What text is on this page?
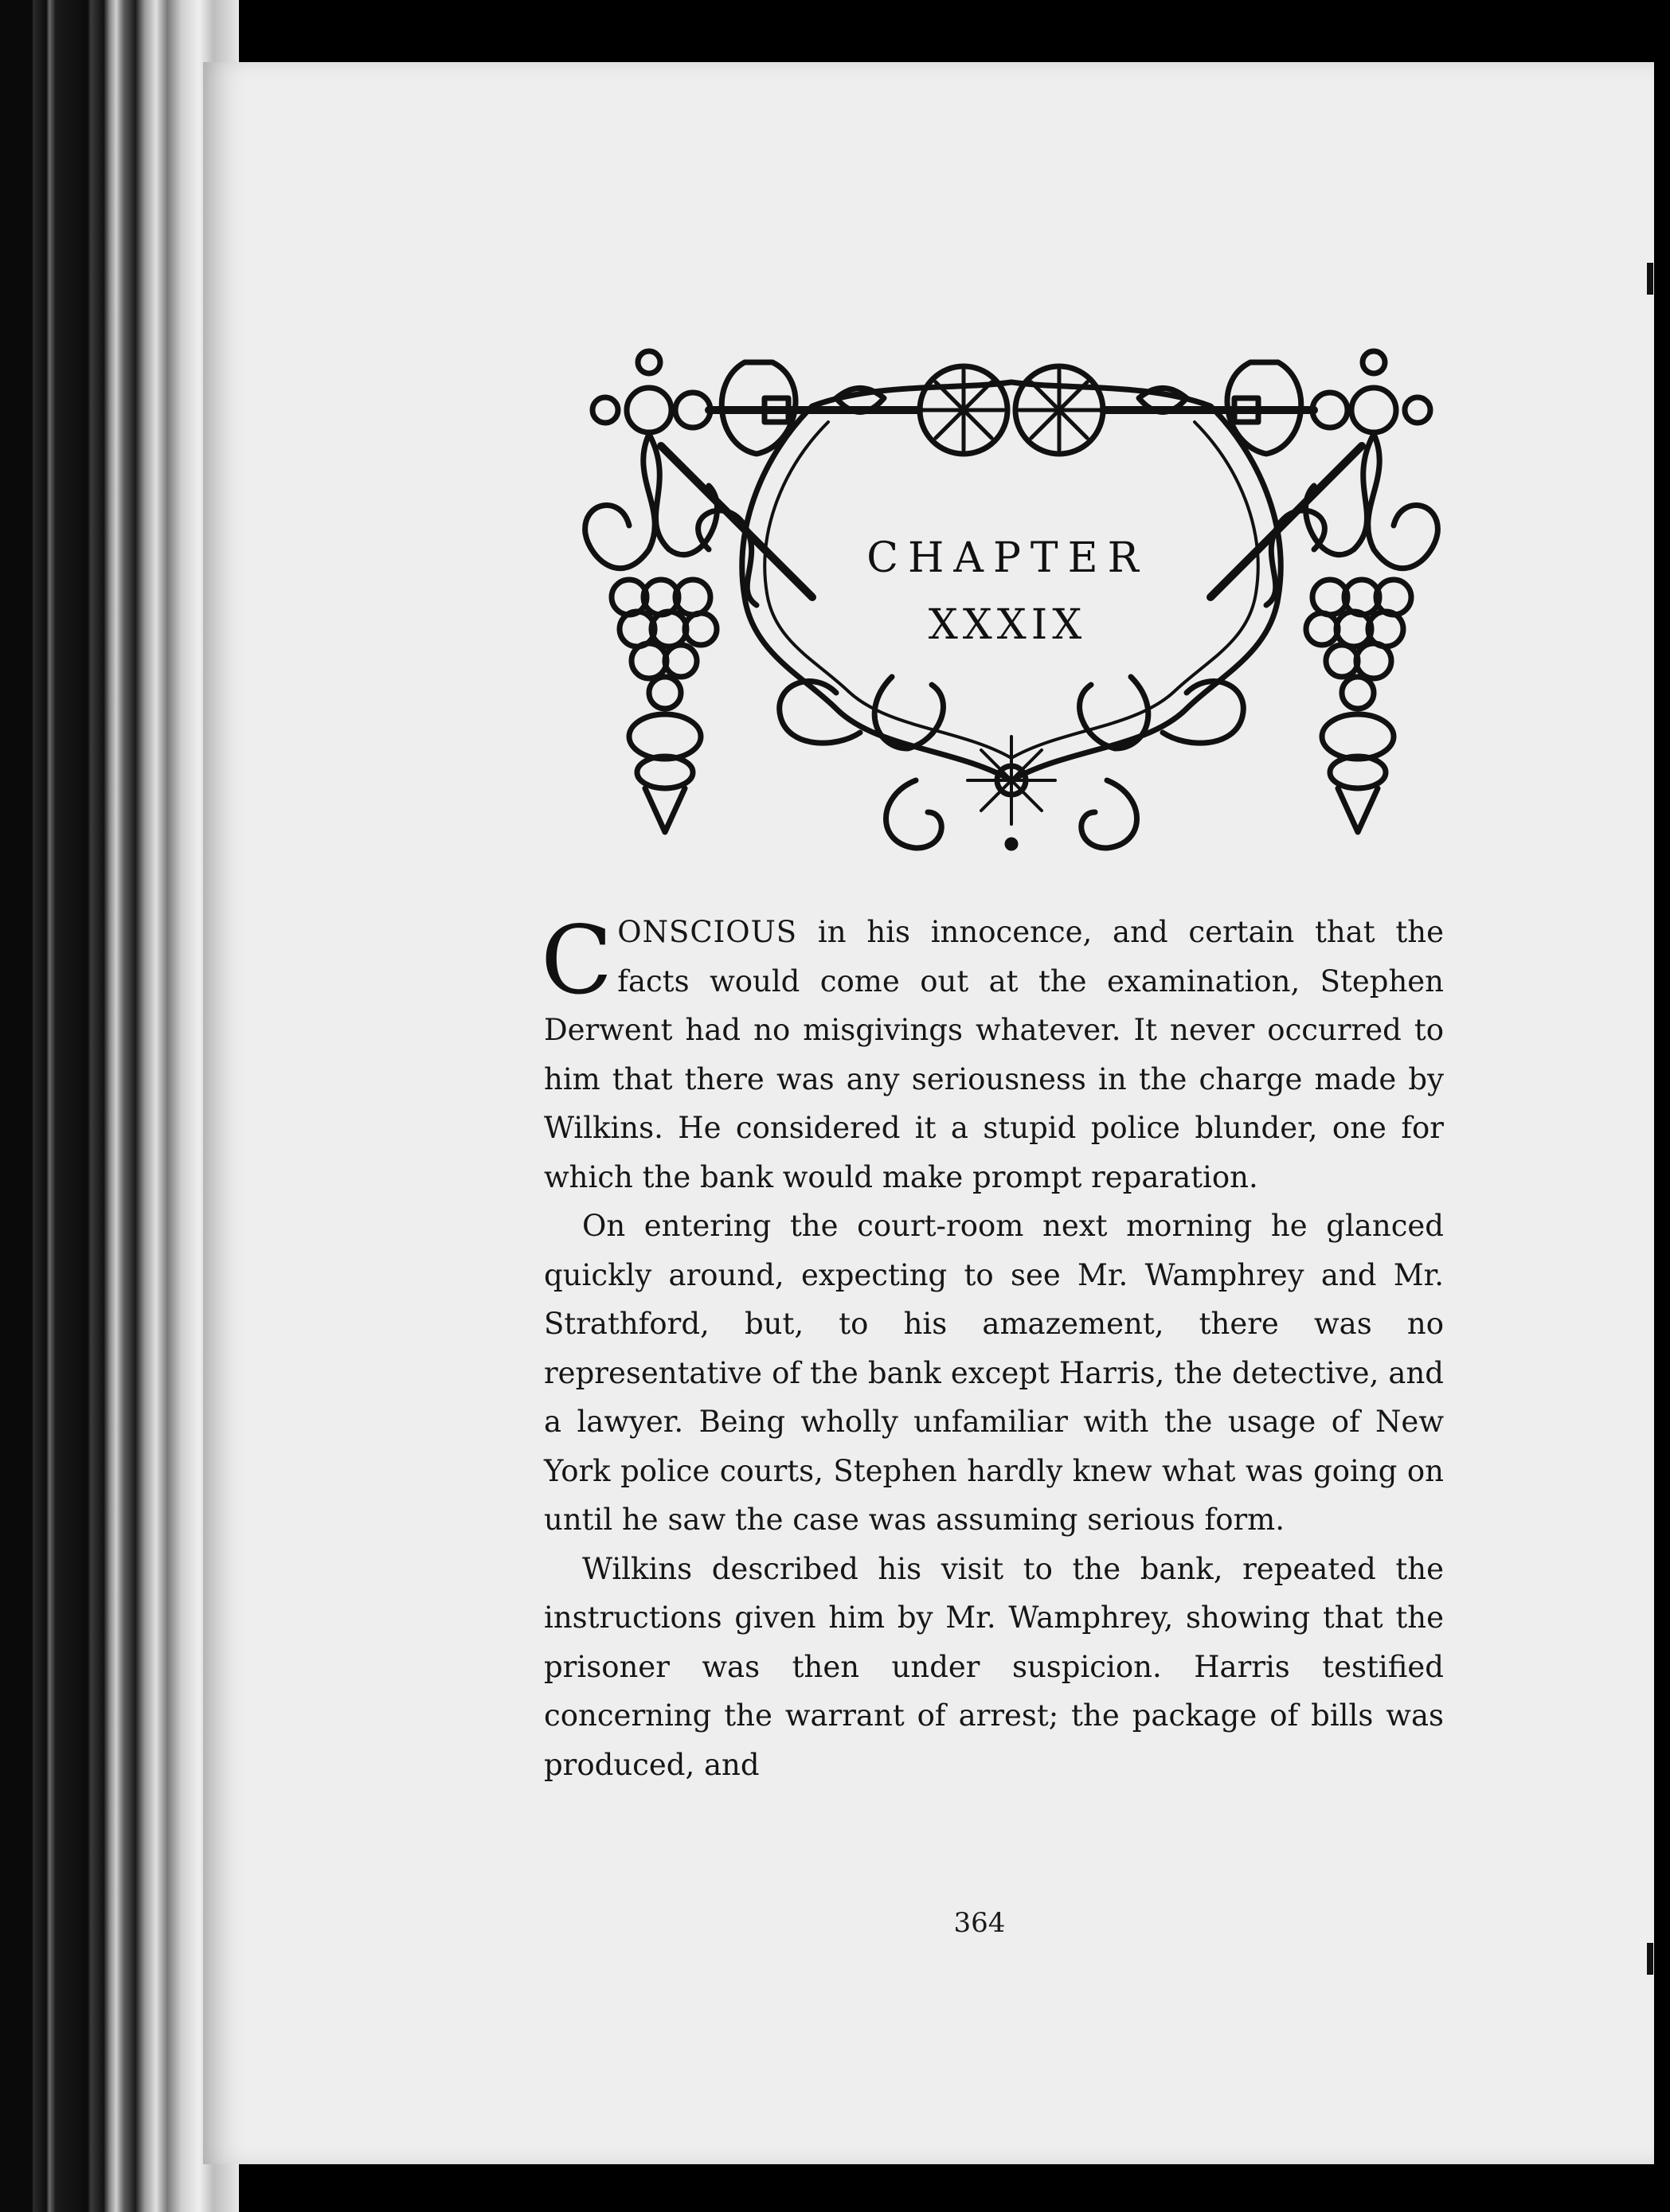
CHAPTER
XXXIX

CONSCIOUS in his innocence, and certain that the facts would come out at the examination, Stephen Derwent had no misgivings whatever. It never occurred to him that there was any seriousness in the charge made by Wilkins. He considered it a stupid police blunder, one for which the bank would make prompt reparation.

On entering the court-room next morning he glanced quickly around, expecting to see Mr. Wamphrey and Mr. Strathford, but, to his amazement, there was no representative of the bank except Harris, the detective, and a lawyer. Being wholly unfamiliar with the usage of New York police courts, Stephen hardly knew what was going on until he saw the case was assuming serious form.

Wilkins described his visit to the bank, repeated the instructions given him by Mr. Wamphrey, showing that the prisoner was then under suspicion. Harris testified concerning the warrant of arrest; the package of bills was produced, and

364
